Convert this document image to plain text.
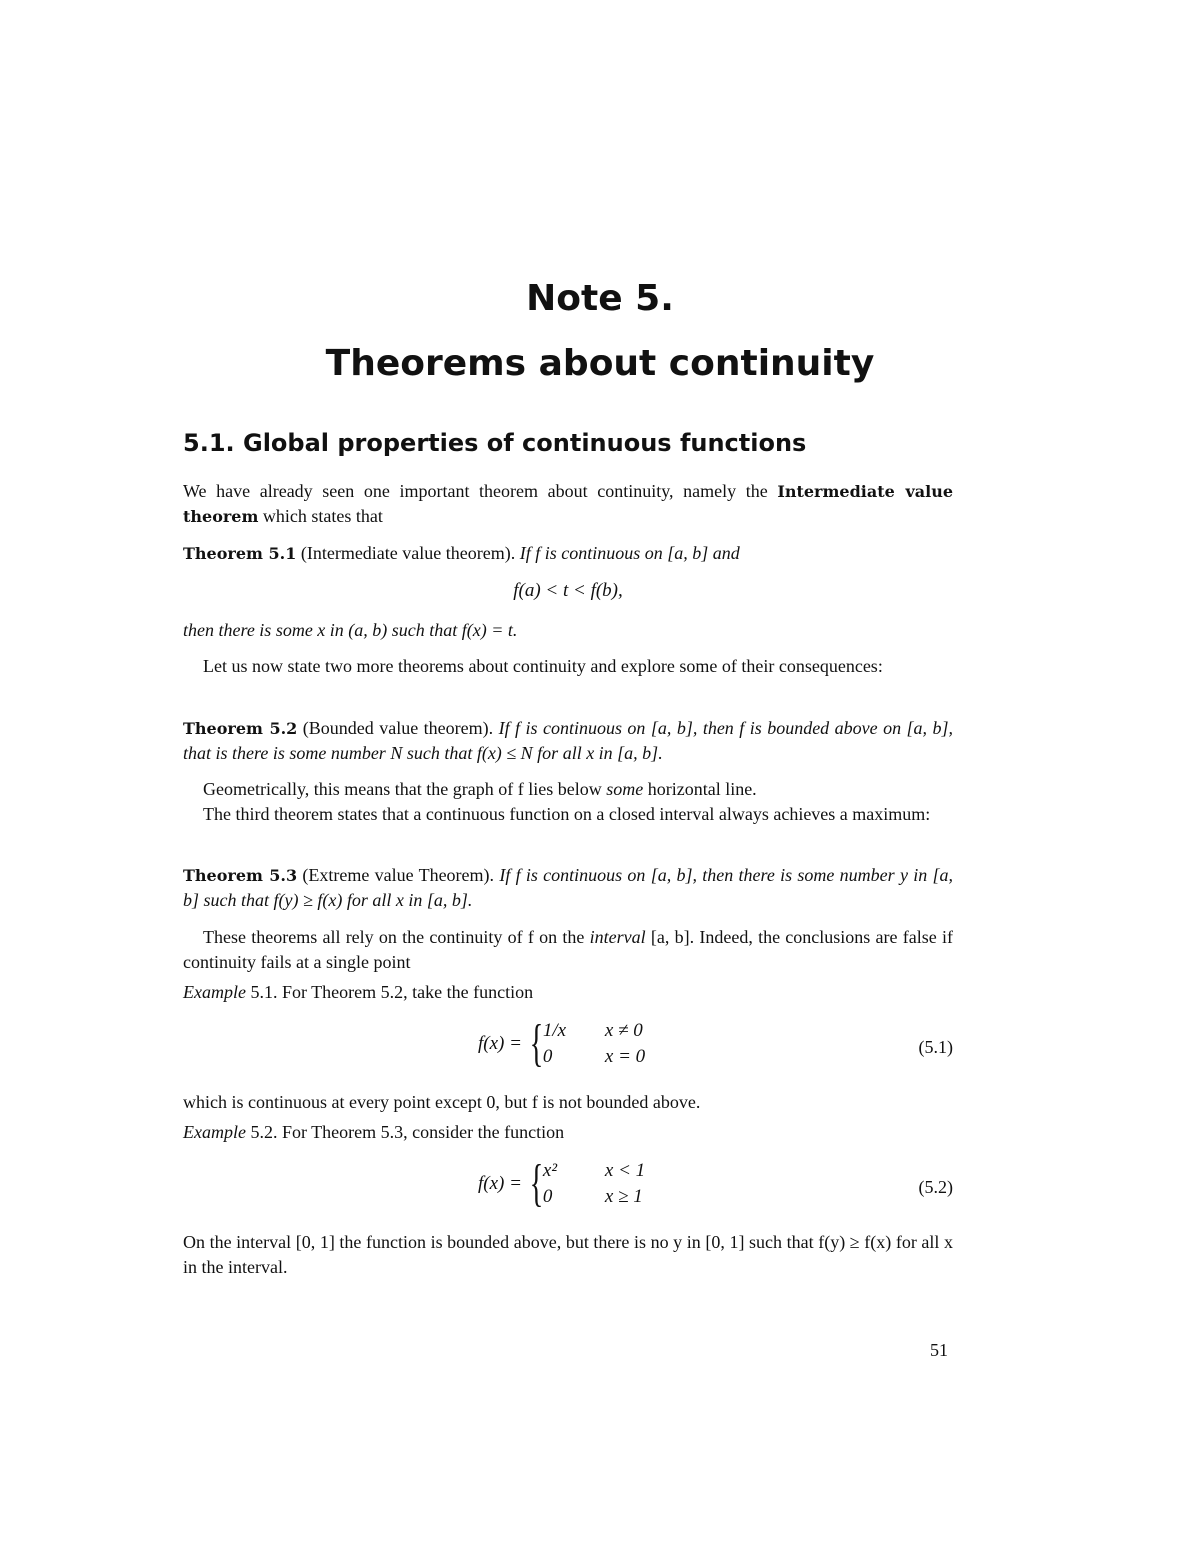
Note 5.
Theorems about continuity
5.1. Global properties of continuous functions

We have already seen one important theorem about continuity, namely the Intermediate value theorem which states that

Theorem 5.1 (Intermediate value theorem). If f is continuous on [a, b] and

f(a) < t < f(b),

then there is some x in (a, b) such that f(x) = t.

Let us now state two more theorems about continuity and explore some of their consequences:

Theorem 5.2 (Bounded value theorem). If f is continuous on [a, b], then f is bounded above on [a, b], that is there is some number N such that f(x) ≤ N for all x in [a, b].

Geometrically, this means that the graph of f lies below some horizontal line.

The third theorem states that a continuous function on a closed interval always achieves a maximum:

Theorem 5.3 (Extreme value Theorem). If f is continuous on [a, b], then there is some number y in [a, b] such that f(y) ≥ f(x) for all x in [a, b].

These theorems all rely on the continuity of f on the interval [a, b]. Indeed, the conclusions are false if continuity fails at a single point

Example 5.1. For Theorem 5.2, take the function

f(x) = { 1/x	x ≠ 0
0	x = 0	(5.1)

which is continuous at every point except 0, but f is not bounded above.

Example 5.2. For Theorem 5.3, consider the function

f(x) = { x²	x < 1
0	x ≥ 1	(5.2)

On the interval [0, 1] the function is bounded above, but there is no y in [0, 1] such that f(y) ≥ f(x) for all x in the interval.

51
